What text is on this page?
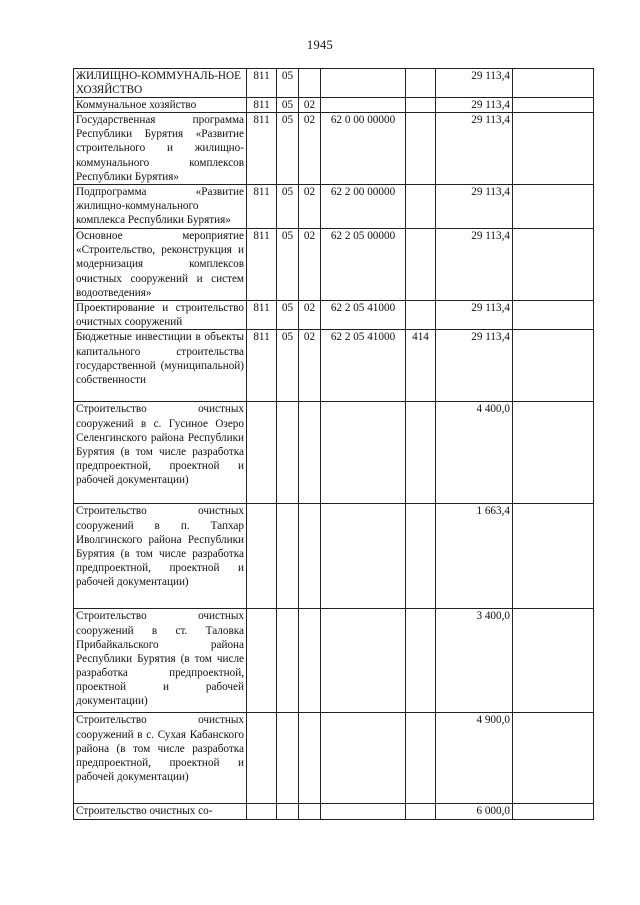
1945
ЖИЛИЩНО-КОММУНАЛЬ-НОЕ ХОЗЯЙСТВО	811	05				29 113,4	
Коммунальное хозяйство	811	05	02			29 113,4	
Государственная программа Республики Бурятия «Развитие строительного и жилищно-коммунального комплексов Республики Бурятия»	811	05	02	62 0 00 00000		29 113,4	
Подпрограмма «Развитие жилищно-коммунального комплекса Республики Бурятия»	811	05	02	62 2 00 00000		29 113,4	
Основное мероприятие «Строительство, реконструкция и модернизация комплексов очистных сооружений и систем водоотведения»	811	05	02	62 2 05 00000		29 113,4	
Проектирование и строительство очистных сооружений	811	05	02	62 2 05 41000		29 113,4	
Бюджетные инвестиции в объекты капитального строительства государственной (муниципальной) собственности	811	05	02	62 2 05 41000	414	29 113,4	
Строительство очистных сооружений в с. Гусиное Озеро Селенгинского района Республики Бурятия (в том числе разработка предпроектной, проектной и рабочей документации)						4 400,0	
Строительство очистных сооружений в п. Тапхар Иволгинского района Республики Бурятия (в том числе разработка предпроектной, проектной и рабочей документации)						1 663,4	
Строительство очистных сооружений в ст. Таловка Прибайкальского района Республики Бурятия (в том числе разработка предпроектной, проектной и рабочей документации)						3 400,0	
Строительство очистных сооружений в с. Сухая Кабанского района (в том числе разработка предпроектной, проектной и рабочей документации)						4 900,0	
Строительство очистных со-						6 000,0	
